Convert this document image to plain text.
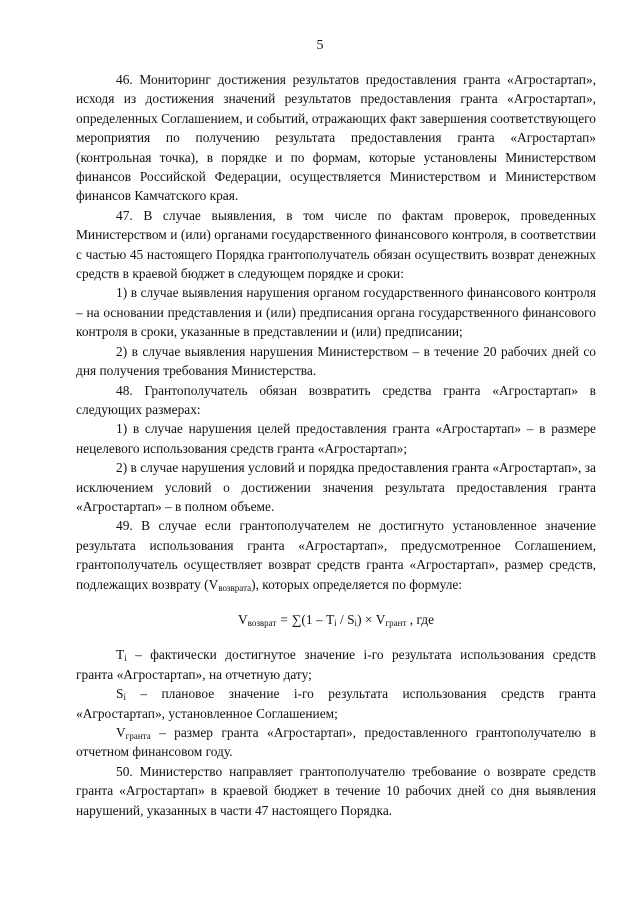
5

46. Мониторинг достижения результатов предоставления гранта «Агростартап», исходя из достижения значений результатов предоставления гранта «Агростартап», определенных Соглашением, и событий, отражающих факт завершения соответствующего мероприятия по получению результата предоставления гранта «Агростартап» (контрольная точка), в порядке и по формам, которые установлены Министерством финансов Российской Федерации, осуществляется Министерством и Министерством финансов Камчатского края.

47. В случае выявления, в том числе по фактам проверок, проведенных Министерством и (или) органами государственного финансового контроля, в соответствии с частью 45 настоящего Порядка грантополучатель обязан осуществить возврат денежных средств в краевой бюджет в следующем порядке и сроки:

1) в случае выявления нарушения органом государственного финансового контроля – на основании представления и (или) предписания органа государственного финансового контроля в сроки, указанные в представлении и (или) предписании;

2) в случае выявления нарушения Министерством – в течение 20 рабочих дней со дня получения требования Министерства.

48. Грантополучатель обязан возвратить средства гранта «Агростартап» в следующих размерах:

1) в случае нарушения целей предоставления гранта «Агростартап» – в размере нецелевого использования средств гранта «Агростартап»;

2) в случае нарушения условий и порядка предоставления гранта «Агростартап», за исключением условий о достижении значения результата предоставления гранта «Агростартап» – в полном объеме.

49. В случае если грантополучателем не достигнуто установленное значение результата использования гранта «Агростартап», предусмотренное Соглашением, грантополучатель осуществляет возврат средств гранта «Агростартап», размер средств, подлежащих возврату $(V_{возврата})$, которых определяется по формуле:

$V_{возврат} = \sum(1 - T_i / S_i) \times V_{грант}$ , где

$T_i$ – фактически достигнутое значение i-го результата использования средств гранта «Агростартап», на отчетную дату;

$S_i$ – плановое значение i-го результата использования средств гранта «Агростартап», установленное Соглашением;

$V_{гранта}$ – размер гранта «Агростартап», предоставленного грантополучателю в отчетном финансовом году.

50. Министерство направляет грантополучателю требование о возврате средств гранта «Агростартап» в краевой бюджет в течение 10 рабочих дней со дня выявления нарушений, указанных в части 47 настоящего Порядка.
